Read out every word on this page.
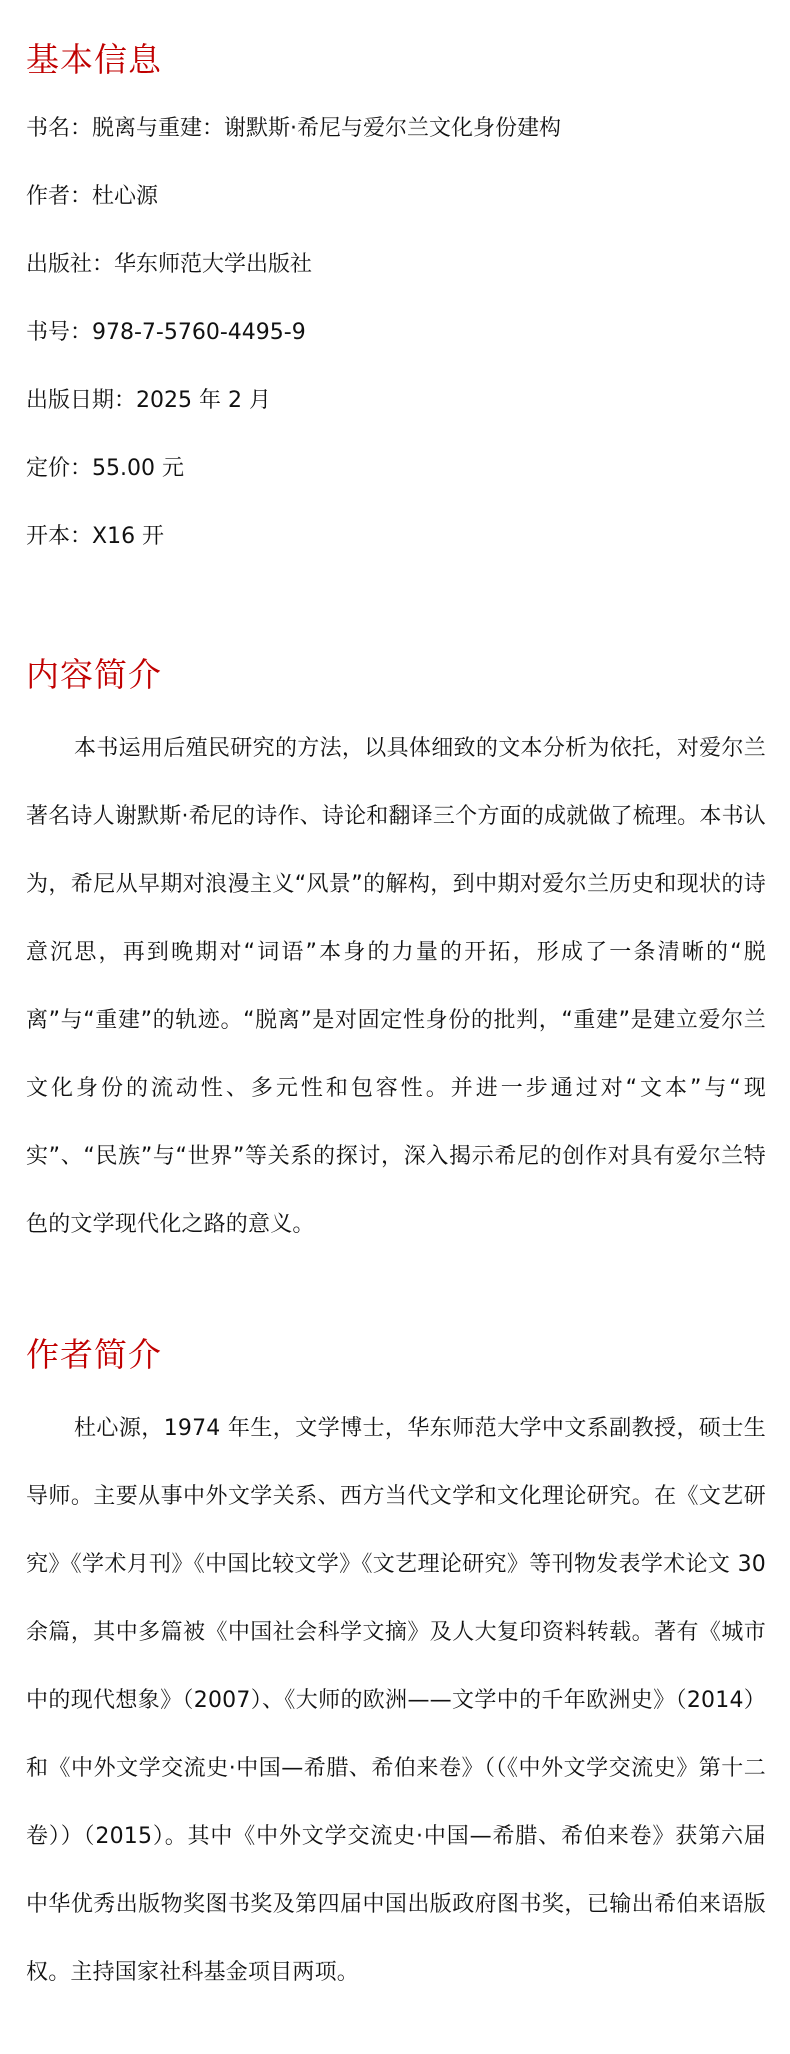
基本信息

书名：脱离与重建：谢默斯·希尼与爱尔兰文化身份建构

作者：杜心源

出版社：华东师范大学出版社

书号：978-7-5760-4495-9

出版日期：2025 年 2 月

定价：55.00 元

开本：X16 开

内容简介

本书运用后殖民研究的方法，以具体细致的文本分析为依托，对爱尔兰著名诗人谢默斯·希尼的诗作、诗论和翻译三个方面的成就做了梳理。本书认为，希尼从早期对浪漫主义“风景”的解构，到中期对爱尔兰历史和现状的诗意沉思，再到晚期对“词语”本身的力量的开拓，形成了一条清晰的“脱离”与“重建”的轨迹。“脱离”是对固定性身份的批判，“重建”是建立爱尔兰文化身份的流动性、多元性和包容性。并进一步通过对“文本”与“现实”、“民族”与“世界”等关系的探讨，深入揭示希尼的创作对具有爱尔兰特色的文学现代化之路的意义。

作者简介

杜心源，1974 年生，文学博士，华东师范大学中文系副教授，硕士生导师。主要从事中外文学关系、西方当代文学和文化理论研究。在《文艺研究》《学术月刊》《中国比较文学》《文艺理论研究》等刊物发表学术论文 30 余篇，其中多篇被《中国社会科学文摘》及人大复印资料转载。著有《城市中的现代想象》（2007）、《大师的欧洲——文学中的千年欧洲史》（2014）和《中外文学交流史·中国—希腊、希伯来卷》（（《中外文学交流史》第十二卷））（2015）。其中《中外文学交流史·中国—希腊、希伯来卷》获第六届中华优秀出版物奖图书奖及第四届中国出版政府图书奖，已输出希伯来语版权。主持国家社科基金项目两项。
